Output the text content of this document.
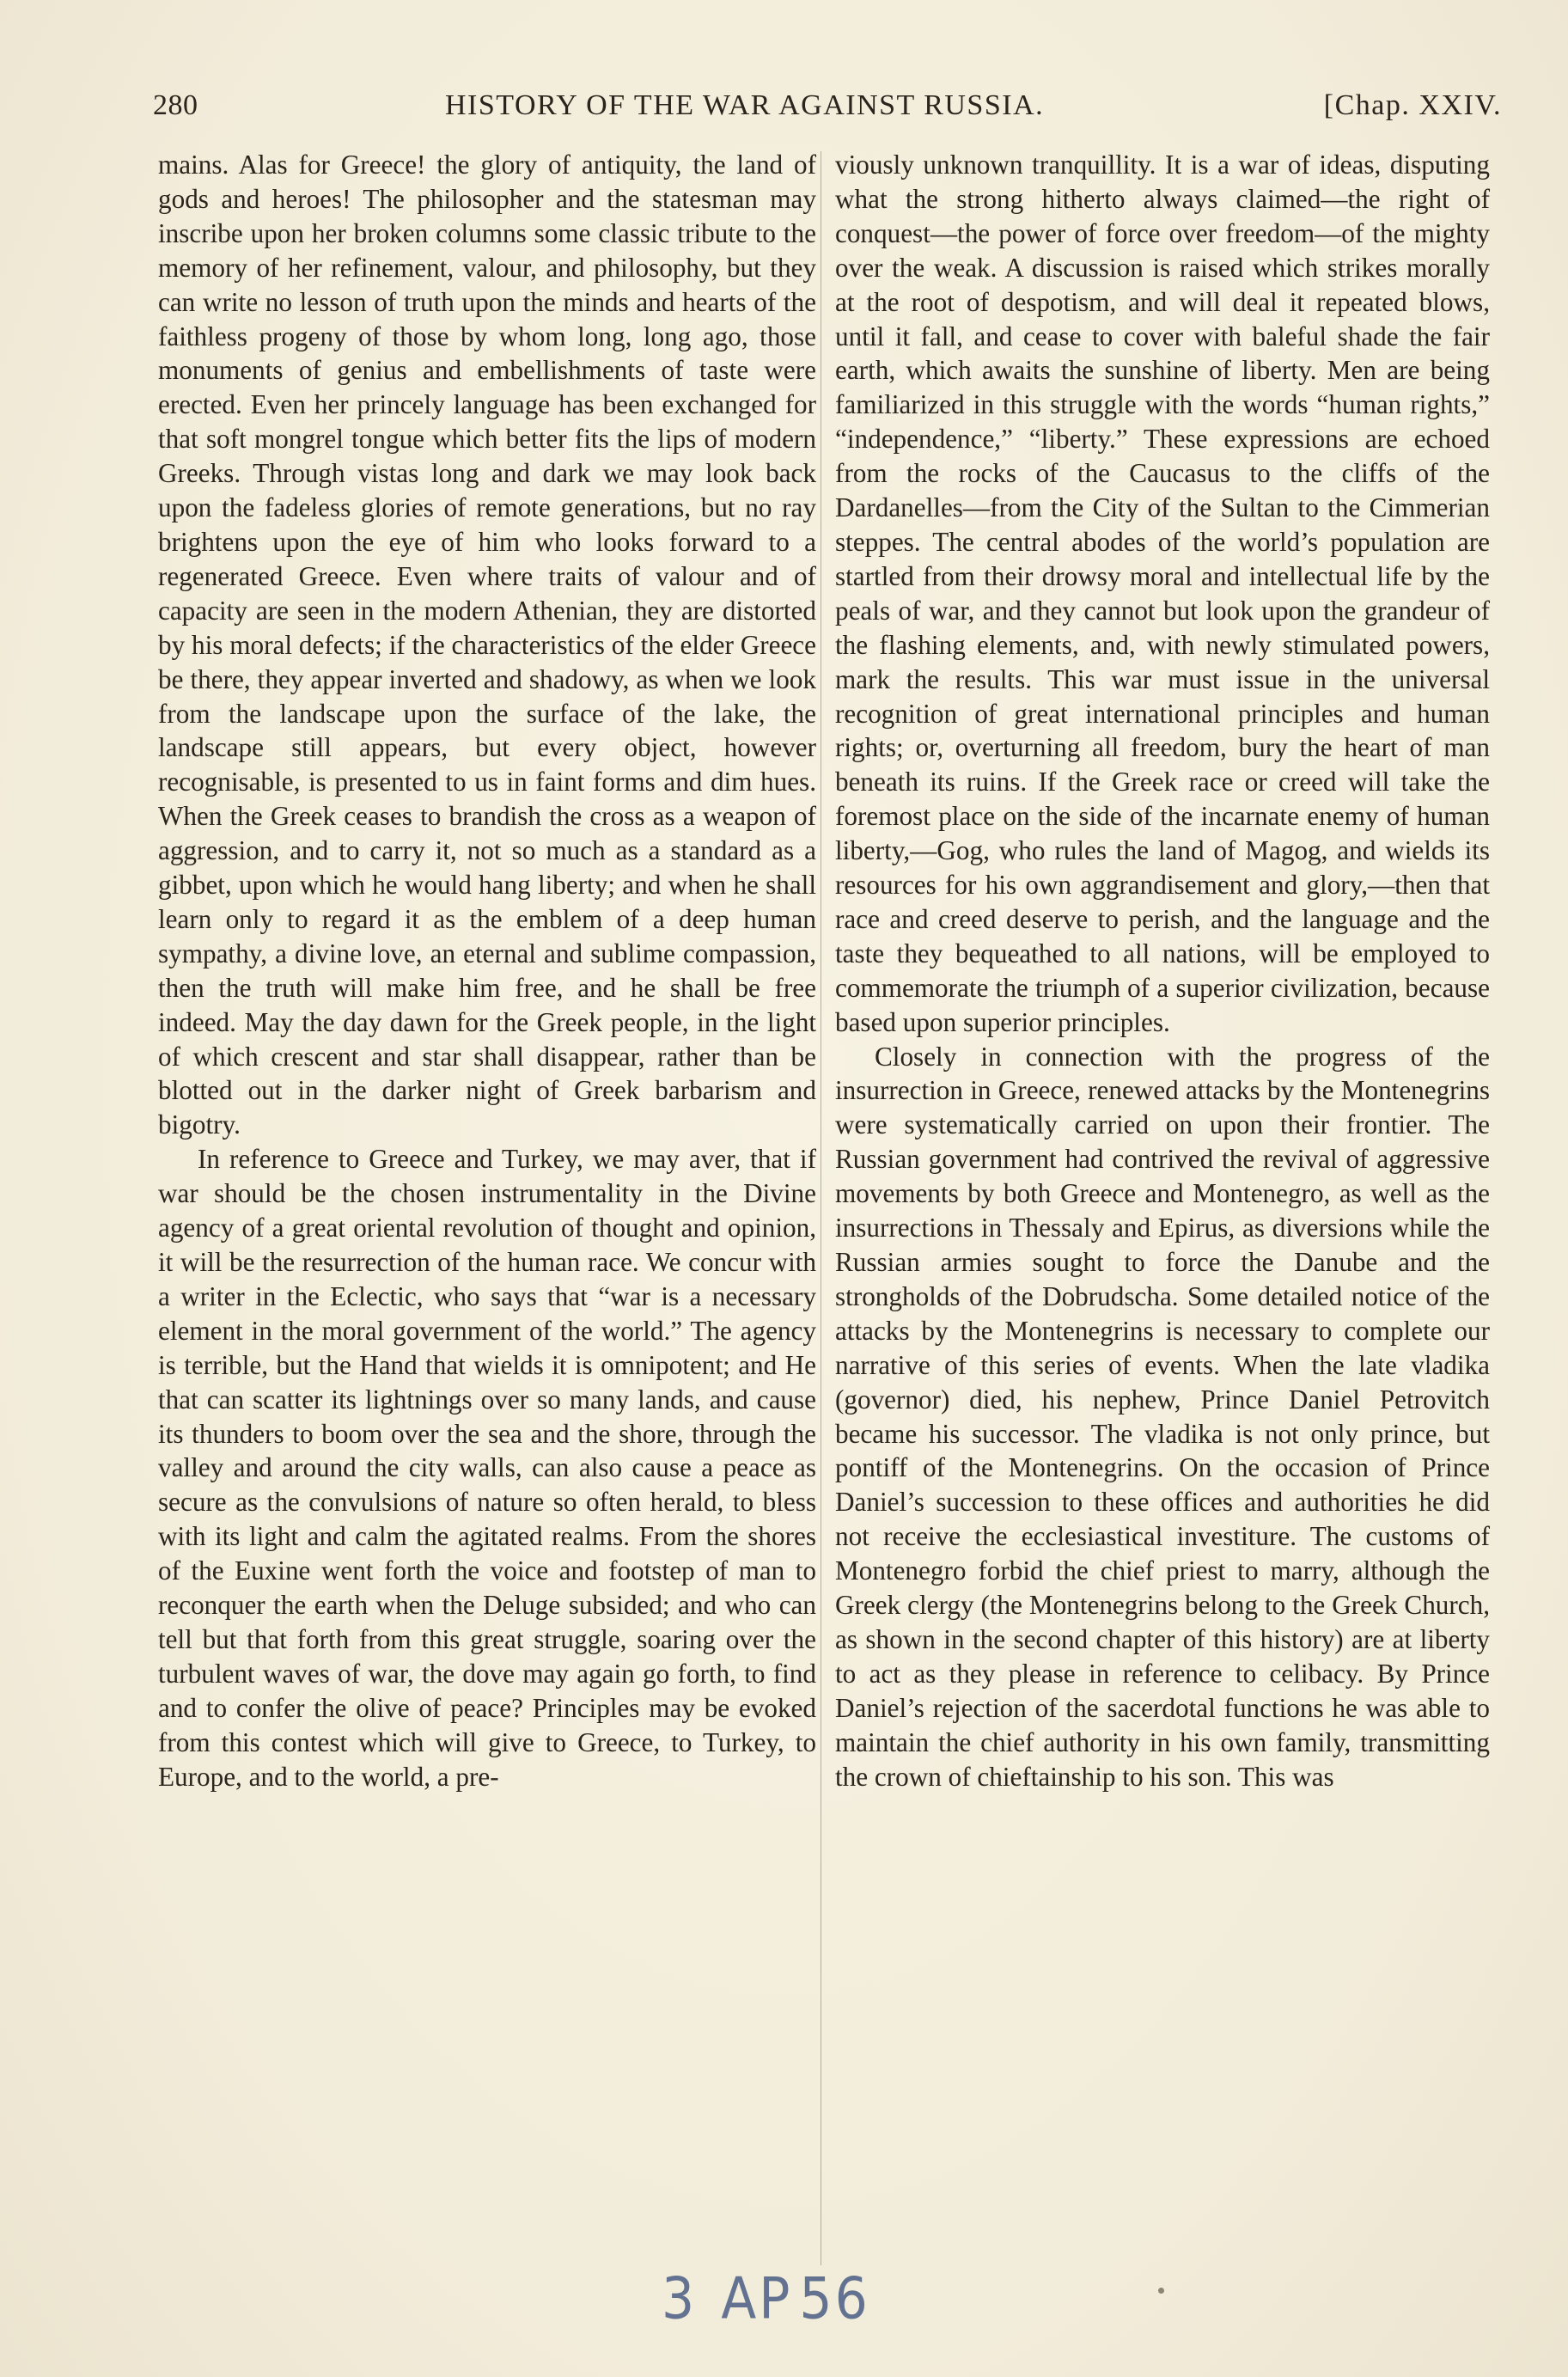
280	HISTORY OF THE WAR AGAINST RUSSIA.	[Chap. XXIV.

mains. Alas for Greece! the glory of antiquity, the land of gods and heroes! The philosopher and the statesman may inscribe upon her broken columns some classic tribute to the memory of her refinement, valour, and philosophy, but they can write no lesson of truth upon the minds and hearts of the faithless progeny of those by whom long, long ago, those monuments of genius and embellishments of taste were erected. Even her princely language has been exchanged for that soft mongrel tongue which better fits the lips of modern Greeks. Through vistas long and dark we may look back upon the fadeless glories of remote generations, but no ray brightens upon the eye of him who looks forward to a regenerated Greece. Even where traits of valour and of capacity are seen in the modern Athenian, they are distorted by his moral defects; if the characteristics of the elder Greece be there, they appear inverted and shadowy, as when we look from the landscape upon the surface of the lake, the landscape still appears, but every object, however recognisable, is presented to us in faint forms and dim hues. When the Greek ceases to brandish the cross as a weapon of aggression, and to carry it, not so much as a standard as a gibbet, upon which he would hang liberty; and when he shall learn only to regard it as the emblem of a deep human sympathy, a divine love, an eternal and sublime compassion, then the truth will make him free, and he shall be free indeed. May the day dawn for the Greek people, in the light of which crescent and star shall disappear, rather than be blotted out in the darker night of Greek barbarism and bigotry.

In reference to Greece and Turkey, we may aver, that if war should be the chosen instrumentality in the Divine agency of a great oriental revolution of thought and opinion, it will be the resurrection of the human race. We concur with a writer in the Eclectic, who says that “war is a necessary element in the moral government of the world.” The agency is terrible, but the Hand that wields it is omnipotent; and He that can scatter its lightnings over so many lands, and cause its thunders to boom over the sea and the shore, through the valley and around the city walls, can also cause a peace as secure as the convulsions of nature so often herald, to bless with its light and calm the agitated realms. From the shores of the Euxine went forth the voice and footstep of man to reconquer the earth when the Deluge subsided; and who can tell but that forth from this great struggle, soaring over the turbulent waves of war, the dove may again go forth, to find and to confer the olive of peace? Principles may be evoked from this contest which will give to Greece, to Turkey, to Europe, and to the world, a pre-

viously unknown tranquillity. It is a war of ideas, disputing what the strong hitherto always claimed—the right of conquest—the power of force over freedom—of the mighty over the weak. A discussion is raised which strikes morally at the root of despotism, and will deal it repeated blows, until it fall, and cease to cover with baleful shade the fair earth, which awaits the sunshine of liberty. Men are being familiarized in this struggle with the words “human rights,” “independence,” “liberty.” These expressions are echoed from the rocks of the Caucasus to the cliffs of the Dardanelles—from the City of the Sultan to the Cimmerian steppes. The central abodes of the world’s population are startled from their drowsy moral and intellectual life by the peals of war, and they cannot but look upon the grandeur of the flashing elements, and, with newly stimulated powers, mark the results. This war must issue in the universal recognition of great international principles and human rights; or, overturning all freedom, bury the heart of man beneath its ruins. If the Greek race or creed will take the foremost place on the side of the incarnate enemy of human liberty,—Gog, who rules the land of Magog, and wields its resources for his own aggrandisement and glory,—then that race and creed deserve to perish, and the language and the taste they bequeathed to all nations, will be employed to commemorate the triumph of a superior civilization, because based upon superior principles.

Closely in connection with the progress of the insurrection in Greece, renewed attacks by the Montenegrins were systematically carried on upon their frontier. The Russian government had contrived the revival of aggressive movements by both Greece and Montenegro, as well as the insurrections in Thessaly and Epirus, as diversions while the Russian armies sought to force the Danube and the strongholds of the Dobrudscha. Some detailed notice of the attacks by the Montenegrins is necessary to complete our narrative of this series of events. When the late vladika (governor) died, his nephew, Prince Daniel Petrovitch became his successor. The vladika is not only prince, but pontiff of the Montenegrins. On the occasion of Prince Daniel’s succession to these offices and authorities he did not receive the ecclesiastical investiture. The customs of Montenegro forbid the chief priest to marry, although the Greek clergy (the Montenegrins belong to the Greek Church, as shown in the second chapter of this history) are at liberty to act as they please in reference to celibacy. By Prince Daniel’s rejection of the sacerdotal functions he was able to maintain the chief authority in his own family, transmitting the crown of chieftainship to his son. This was

3 AP 56
